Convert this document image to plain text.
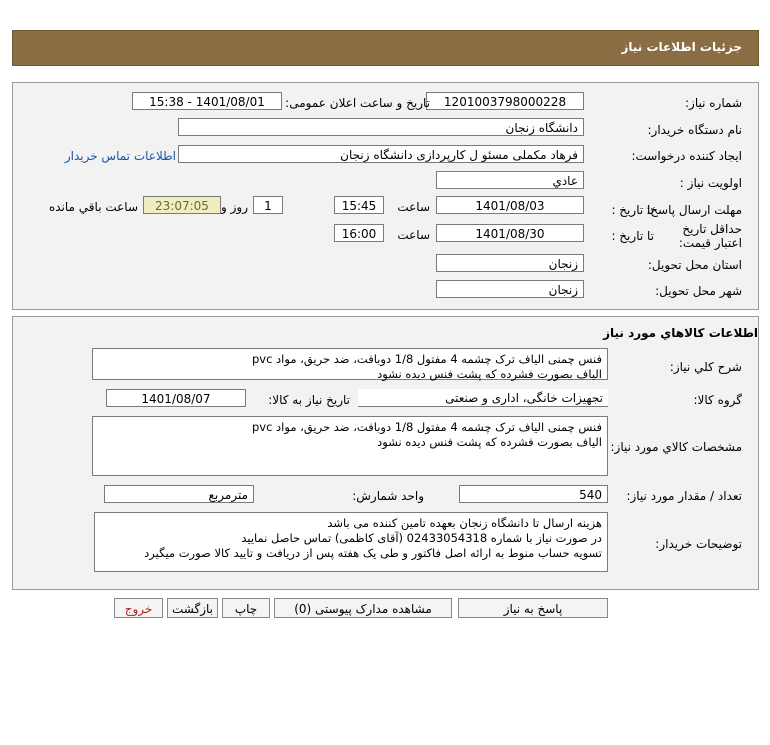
جزئیات اطلاعات نیاز
شماره نیاز:
1201003798000228
تاریخ و ساعت اعلان عمومی:
1401/08/01 - 15:38
نام دستگاه خریدار:
دانشگاه زنجان
ایجاد کننده درخواست:
فرهاد مکملی مسئو ل کارپردازی دانشگاه زنجان
اطلاعات تماس خریدار
اولویت نیاز :
عادي
مهلت ارسال پاسخ:
تا تاریخ :
1401/08/03
ساعت
15:45
1
روز و
23:07:05
ساعت باقي مانده
حداقل تاریخ اعتبار قیمت:
تا تاریخ :
1401/08/30
ساعت
16:00
استان محل تحویل:
زنجان
شهر محل تحویل:
زنجان
اطلاعات کالاهاي مورد نیاز
شرح کلي نیاز:
فنس چمنی الیاف ترک چشمه 4 مفتول 1/8 دوبافت، ضد حریق، مواد pvc
الیاف بصورت فشرده که پشت فنس دیده نشود
گروه کالا:
تجهیزات خانگی، اداری و صنعتی
تاریخ نیاز به کالا:
1401/08/07
مشخصات کالاي مورد نیاز:
فنس چمنی الیاف ترک چشمه 4 مفتول 1/8 دوبافت، ضد حریق، مواد pvc
الیاف بصورت فشرده که پشت فنس دیده نشود
تعداد / مقدار مورد نیاز:
540
واحد شمارش:
مترمربع
توضیحات خریدار:
هزینه ارسال تا دانشگاه زنجان بعهده تامین کننده می باشد
در صورت نیاز با شماره 02433054318 (آقای کاظمی) تماس حاصل نمایید
تسویه حساب منوط به ارائه اصل فاکتور و طی یک هفته پس از دریافت و تایید کالا صورت میگیرد
پاسخ به نیاز
مشاهده مدارک پیوستی (0)
چاپ
بازگشت
خروج
